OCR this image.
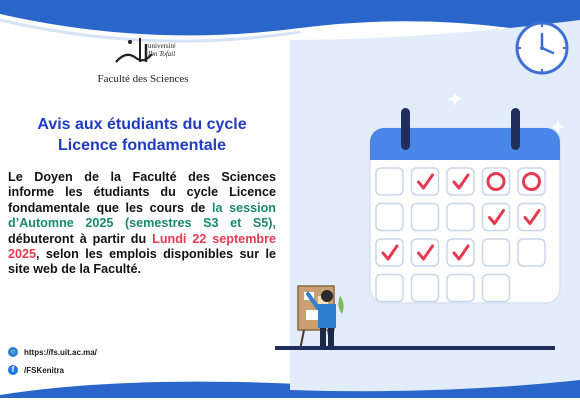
université
Ibn Tofail
Faculté des Sciences
Avis aux étudiants du cycle
Licence fondamentale
Le Doyen de la Faculté des Sciences informe les étudiants du cycle Licence fondamentale que les cours de la session d’Automne 2025 (semestres S3 et S5), débuteront à partir du Lundi 22 septembre 2025, selon les emplois disponibles sur le site web de la Faculté.
○	https://fs.uit.ac.ma/
f	/FSKenitra
